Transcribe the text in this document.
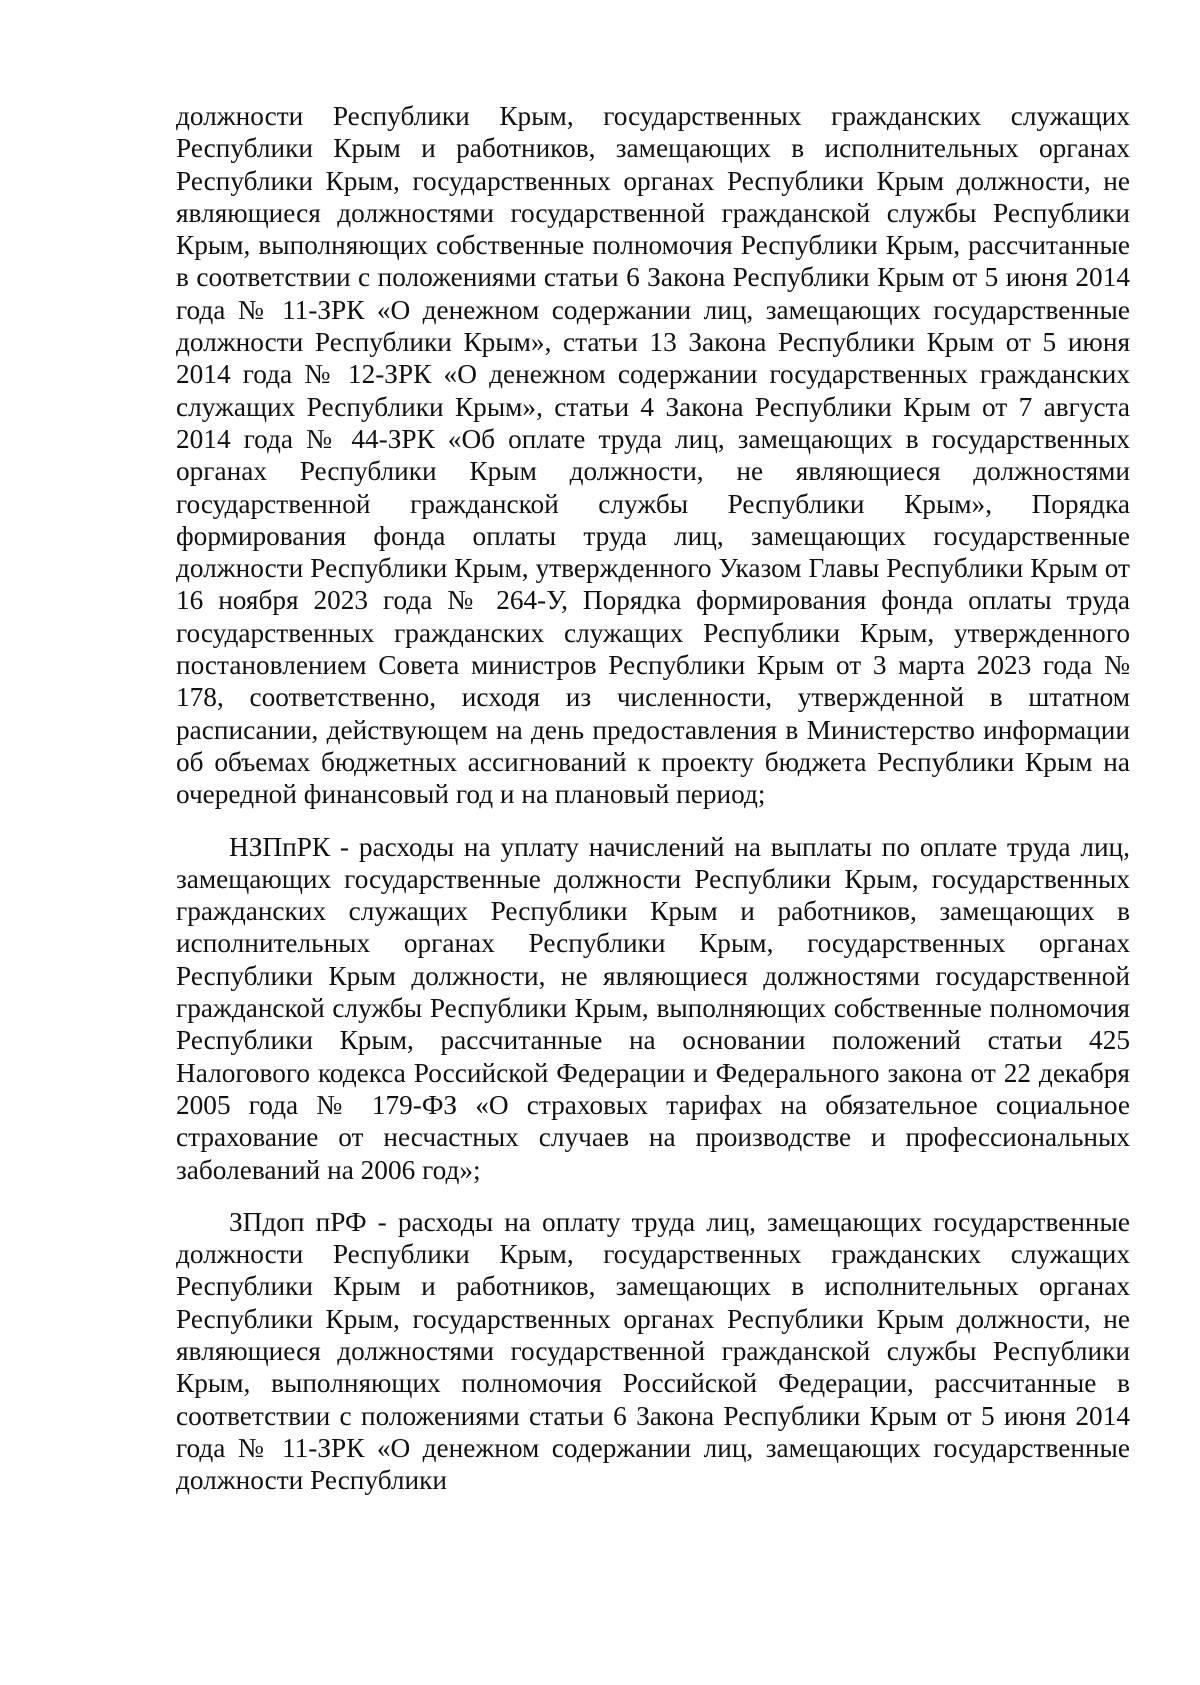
должности Республики Крым, государственных гражданских служащих Республики Крым и работников, замещающих в исполнительных органах Республики Крым, государственных органах Республики Крым должности, не являющиеся должностями государственной гражданской службы Республики Крым, выполняющих собственные полномочия Республики Крым, рассчитанные в соответствии с положениями статьи 6 Закона Республики Крым от 5 июня 2014 года № 11-ЗРК «О денежном содержании лиц, замещающих государственные должности Республики Крым», статьи 13 Закона Республики Крым от 5 июня 2014 года № 12-ЗРК «О денежном содержании государственных гражданских служащих Республики Крым», статьи 4 Закона Республики Крым от 7 августа 2014 года № 44-ЗРК «Об оплате труда лиц, замещающих в государственных органах Республики Крым должности, не являющиеся должностями государственной гражданской службы Республики Крым», Порядка формирования фонда оплаты труда лиц, замещающих государственные должности Республики Крым, утвержденного Указом Главы Республики Крым от 16 ноября 2023 года № 264-У, Порядка формирования фонда оплаты труда государственных гражданских служащих Республики Крым, утвержденного постановлением Совета министров Республики Крым от 3 марта 2023 года № 178, соответственно, исходя из численности, утвержденной в штатном расписании, действующем на день предоставления в Министерство информации об объемах бюджетных ассигнований к проекту бюджета Республики Крым на очередной финансовый год и на плановый период;

НЗПпРК - расходы на уплату начислений на выплаты по оплате труда лиц, замещающих государственные должности Республики Крым, государственных гражданских служащих Республики Крым и работников, замещающих в исполнительных органах Республики Крым, государственных органах Республики Крым должности, не являющиеся должностями государственной гражданской службы Республики Крым, выполняющих собственные полномочия Республики Крым, рассчитанные на основании положений статьи 425 Налогового кодекса Российской Федерации и Федерального закона от 22 декабря 2005 года № 179-ФЗ «О страховых тарифах на обязательное социальное страхование от несчастных случаев на производстве и профессиональных заболеваний на 2006 год»;

ЗПдоп пРФ - расходы на оплату труда лиц, замещающих государственные должности Республики Крым, государственных гражданских служащих Республики Крым и работников, замещающих в исполнительных органах Республики Крым, государственных органах Республики Крым должности, не являющиеся должностями государственной гражданской службы Республики Крым, выполняющих полномочия Российской Федерации, рассчитанные в соответствии с положениями статьи 6 Закона Республики Крым от 5 июня 2014 года № 11-ЗРК «О денежном содержании лиц, замещающих государственные должности Республики
